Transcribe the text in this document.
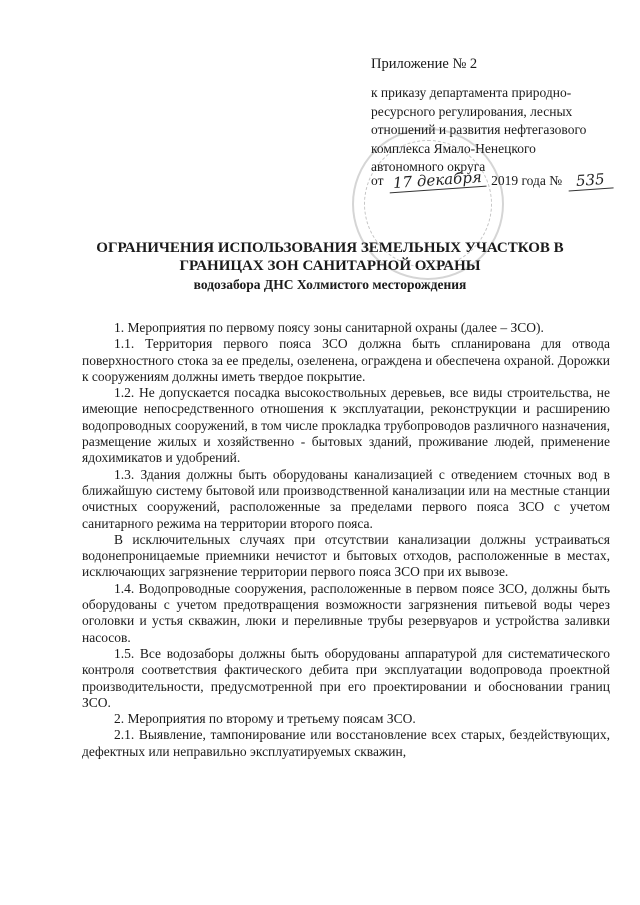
Приложение № 2
к приказу департамента природно-ресурсного регулирования, лесных отношений и развития нефтегазового комплекса Ямало-Ненецкого автономного округа
от 17 декабря 2019 года № 535
ОГРАНИЧЕНИЯ ИСПОЛЬЗОВАНИЯ ЗЕМЕЛЬНЫХ УЧАСТКОВ В
ГРАНИЦАХ ЗОН САНИТАРНОЙ ОХРАНЫ
водозабора ДНС Холмистого месторождения

1. Мероприятия по первому поясу зоны санитарной охраны (далее – ЗСО).

1.1. Территория первого пояса ЗСО должна быть спланирована для отвода поверхностного стока за ее пределы, озеленена, ограждена и обеспечена охраной. Дорожки к сооружениям должны иметь твердое покрытие.

1.2. Не допускается посадка высокоствольных деревьев, все виды строительства, не имеющие непосредственного отношения к эксплуатации, реконструкции и расширению водопроводных сооружений, в том числе прокладка трубопроводов различного назначения, размещение жилых и хозяйственно - бытовых зданий, проживание людей, применение ядохимикатов и удобрений.

1.3. Здания должны быть оборудованы канализацией с отведением сточных вод в ближайшую систему бытовой или производственной канализации или на местные станции очистных сооружений, расположенные за пределами первого пояса ЗСО с учетом санитарного режима на территории второго пояса.

В исключительных случаях при отсутствии канализации должны устраиваться водонепроницаемые приемники нечистот и бытовых отходов, расположенные в местах, исключающих загрязнение территории первого пояса ЗСО при их вывозе.

1.4. Водопроводные сооружения, расположенные в первом поясе ЗСО, должны быть оборудованы с учетом предотвращения возможности загрязнения питьевой воды через оголовки и устья скважин, люки и переливные трубы резервуаров и устройства заливки насосов.

1.5. Все водозаборы должны быть оборудованы аппаратурой для систематического контроля соответствия фактического дебита при эксплуатации водопровода проектной производительности, предусмотренной при его проектировании и обосновании границ ЗСО.

2. Мероприятия по второму и третьему поясам ЗСО.

2.1. Выявление, тампонирование или восстановление всех старых, бездействующих, дефектных или неправильно эксплуатируемых скважин,
